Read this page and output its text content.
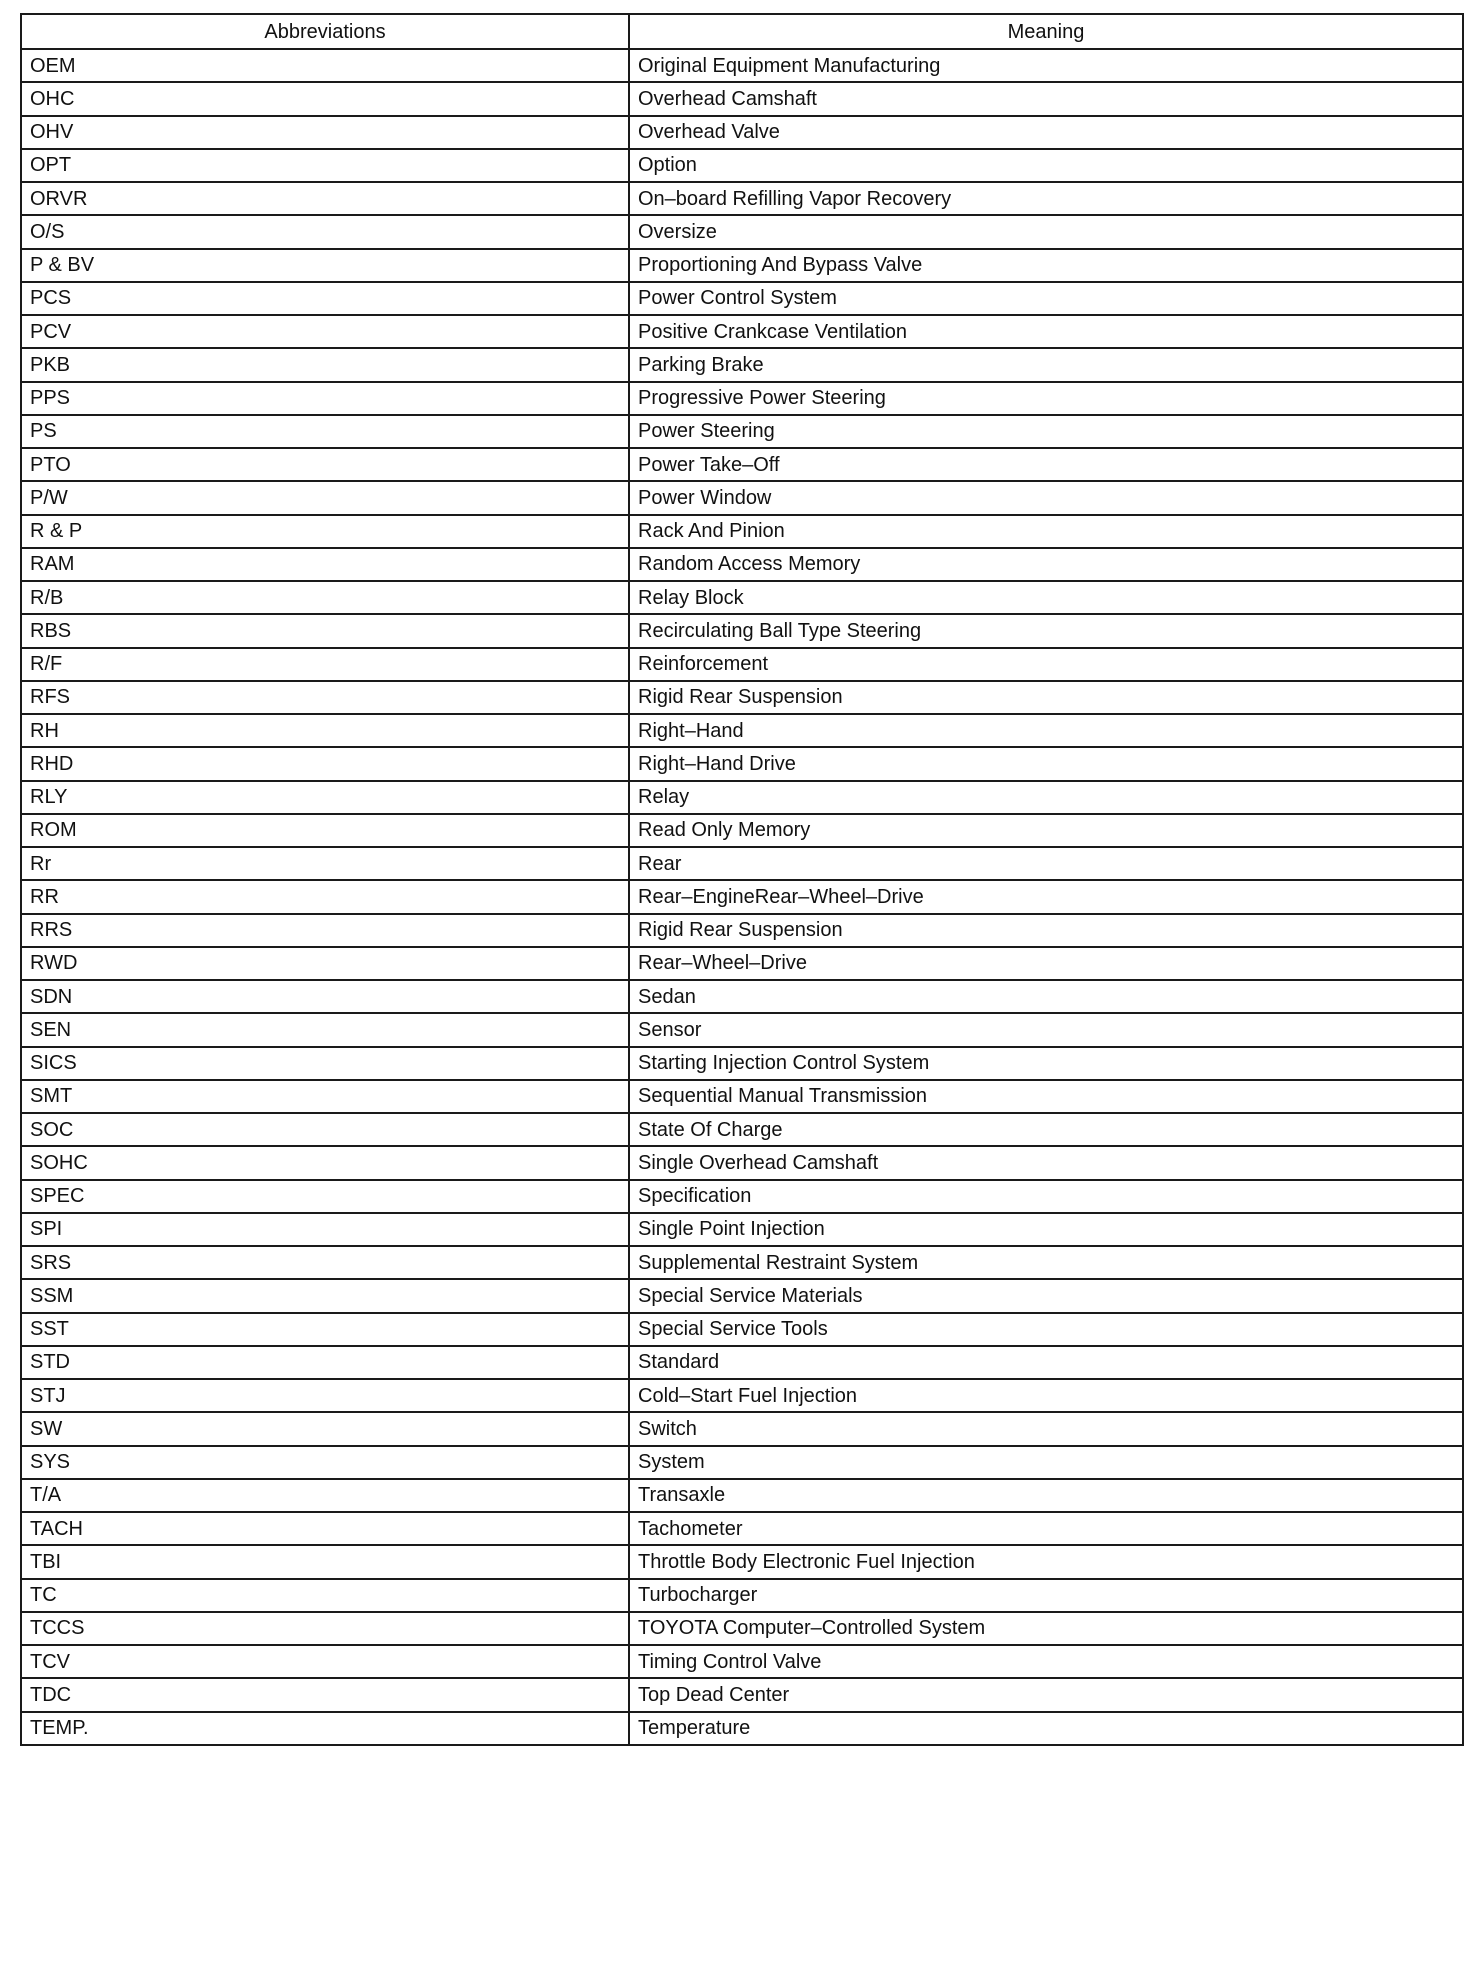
Abbreviations	Meaning
OEM	Original Equipment Manufacturing
OHC	Overhead Camshaft
OHV	Overhead Valve
OPT	Option
ORVR	On–board Refilling Vapor Recovery
O/S	Oversize
P & BV	Proportioning And Bypass Valve
PCS	Power Control System
PCV	Positive Crankcase Ventilation
PKB	Parking Brake
PPS	Progressive Power Steering
PS	Power Steering
PTO	Power Take–Off
P/W	Power Window
R & P	Rack And Pinion
RAM	Random Access Memory
R/B	Relay Block
RBS	Recirculating Ball Type Steering
R/F	Reinforcement
RFS	Rigid Rear Suspension
RH	Right–Hand
RHD	Right–Hand Drive
RLY	Relay
ROM	Read Only Memory
Rr	Rear
RR	Rear–EngineRear–Wheel–Drive
RRS	Rigid Rear Suspension
RWD	Rear–Wheel–Drive
SDN	Sedan
SEN	Sensor
SICS	Starting Injection Control System
SMT	Sequential Manual Transmission
SOC	State Of Charge
SOHC	Single Overhead Camshaft
SPEC	Specification
SPI	Single Point Injection
SRS	Supplemental Restraint System
SSM	Special Service Materials
SST	Special Service Tools
STD	Standard
STJ	Cold–Start Fuel Injection
SW	Switch
SYS	System
T/A	Transaxle
TACH	Tachometer
TBI	Throttle Body Electronic Fuel Injection
TC	Turbocharger
TCCS	TOYOTA Computer–Controlled System
TCV	Timing Control Valve
TDC	Top Dead Center
TEMP.	Temperature
